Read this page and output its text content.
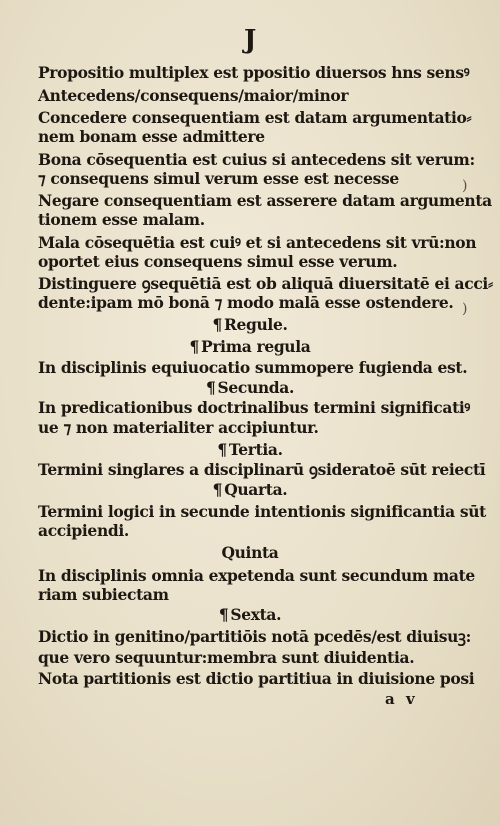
J
Propositio multiplex est ppositio diuersos hns sensꝰ
Antecedens/consequens/maior/minor
Concedere consequentiam est datam argumentatio⸗
nem bonam esse admittere
Bona cōsequentia est cuius si antecedens sit verum:
⁊ consequens simul verum esse est necesse
Negare consequentiam est asserere datam argumenta
tionem esse malam.
Mala cōsequētia est cuiꝰ et si antecedens sit vrū:non
oportet eius consequens simul esse verum.
Distinguere ꝯsequētiā est ob aliquā diuersitatē ei acci⸗
dente:ipam mō bonā ⁊ modo malā esse ostendere.
¶ Regule.
¶ Prima regula
In disciplinis equiuocatio summopere fugienda est.
¶ Secunda.
In predicationibus doctrinalibus termini significatiꝰ
ue ⁊ non materialiter accipiuntur.
¶ Tertia.
Termini singlares a disciplinarū ꝯsideratoē sūt reiectī
¶ Quarta.
Termini logici in secunde intentionis significantia sūt
accipiendi.
Quinta
In disciplinis omnia expetenda sunt secundum mate
riam subiectam
¶ Sexta.
Dictio in genitino/partitiōis notā pcedēs/est diuisuꝫ:
que vero sequuntur:membra sunt diuidentia.
Nota partitionis est dictio partitiua in diuisione posi
a v
)
)
